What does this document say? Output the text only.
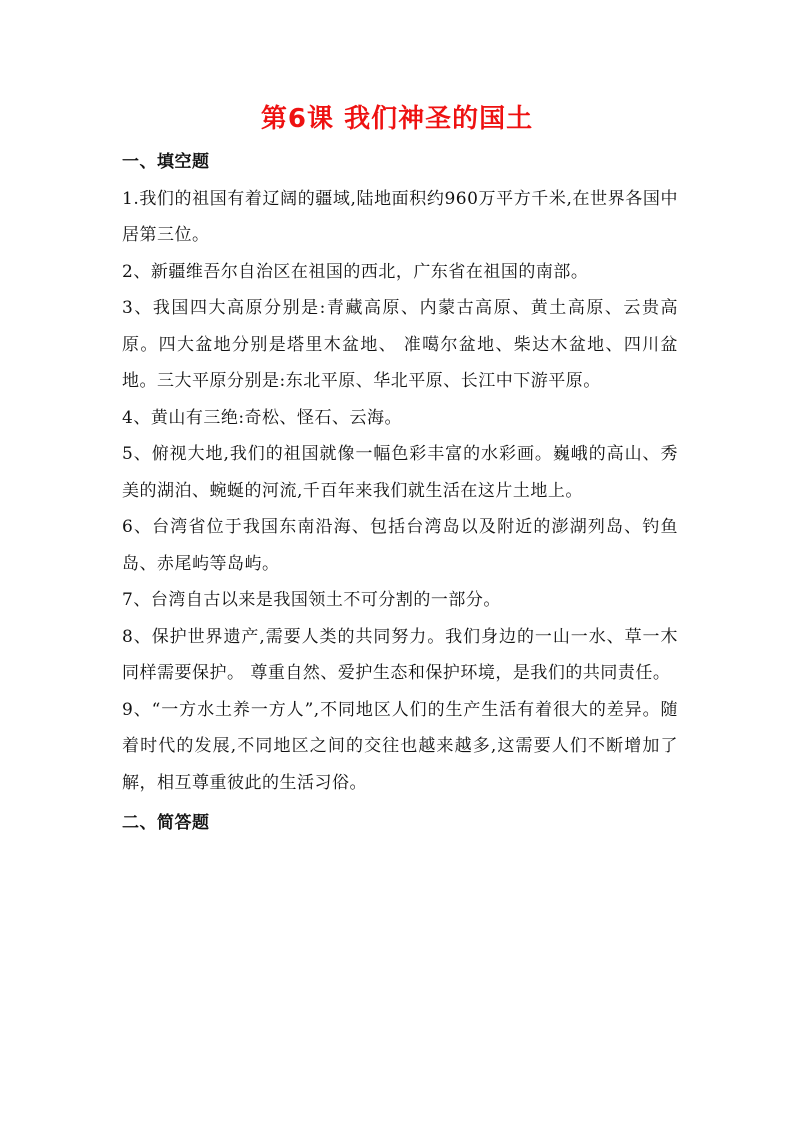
第6课 我们神圣的国土

一、填空题

1.我们的祖国有着辽阔的疆域,陆地面积约960万平方千米,在世界各国中居第三位。

2、新疆维吾尔自治区在祖国的西北，广东省在祖国的南部。

3、我国四大高原分别是:青藏高原、内蒙古高原、黄土高原、云贵高原。四大盆地分别是塔里木盆地、 准噶尔盆地、柴达木盆地、四川盆地。三大平原分别是:东北平原、华北平原、长江中下游平原。

4、黄山有三绝:奇松、怪石、云海。

5、俯视大地,我们的祖国就像一幅色彩丰富的水彩画。巍峨的高山、秀美的湖泊、蜿蜒的河流,千百年来我们就生活在这片土地上。

6、台湾省位于我国东南沿海、包括台湾岛以及附近的澎湖列岛、钓鱼岛、赤尾屿等岛屿。

7、台湾自古以来是我国领土不可分割的一部分。

8、保护世界遗产,需要人类的共同努力。我们身边的一山一水、草一木同样需要保护。 尊重自然、爱护生态和保护环境，是我们的共同责任。

9、“一方水土养一方人”,不同地区人们的生产生活有着很大的差异。随着时代的发展,不同地区之间的交往也越来越多,这需要人们不断增加了解，相互尊重彼此的生活习俗。

二、简答题
